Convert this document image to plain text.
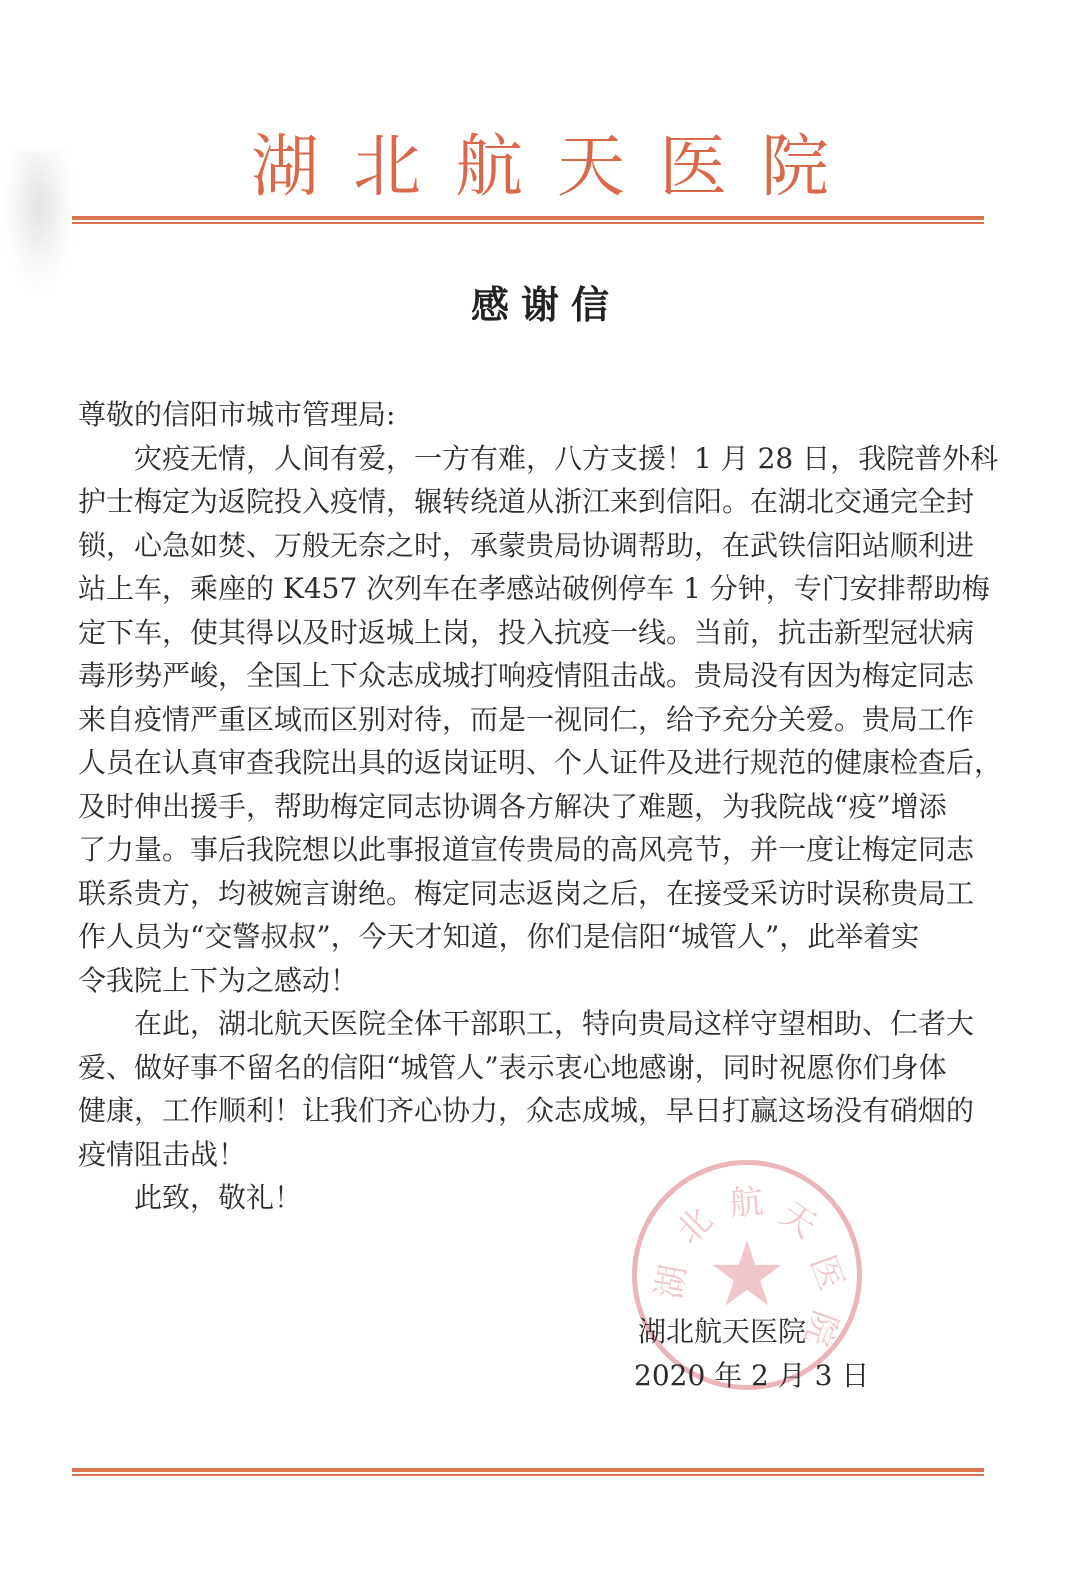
湖北航天医院
感谢信
尊敬的信阳市城市管理局:
灾疫无情，人间有爱，一方有难，八方支援！1 月 28 日，我院普外科
护士梅定为返院投入疫情，辗转绕道从浙江来到信阳。在湖北交通完全封
锁，心急如焚、万般无奈之时，承蒙贵局协调帮助，在武铁信阳站顺利进
站上车，乘座的 K457 次列车在孝感站破例停车 1 分钟，专门安排帮助梅
定下车，使其得以及时返城上岗，投入抗疫一线。当前，抗击新型冠状病
毒形势严峻，全国上下众志成城打响疫情阻击战。贵局没有因为梅定同志
来自疫情严重区域而区别对待，而是一视同仁，给予充分关爱。贵局工作
人员在认真审查我院出具的返岗证明、个人证件及进行规范的健康检查后，
及时伸出援手，帮助梅定同志协调各方解决了难题，为我院战“疫”增添
了力量。事后我院想以此事报道宣传贵局的高风亮节，并一度让梅定同志
联系贵方，均被婉言谢绝。梅定同志返岗之后，在接受采访时误称贵局工
作人员为“交警叔叔”，今天才知道，你们是信阳“城管人”，此举着实
令我院上下为之感动！
在此，湖北航天医院全体干部职工，特向贵局这样守望相助、仁者大
爱、做好事不留名的信阳“城管人”表示衷心地感谢，同时祝愿你们身体
健康，工作顺利！让我们齐心协力，众志成城，早日打赢这场没有硝烟的
疫情阻击战！
此致，敬礼！
湖
北 航 天
医
院
★
湖北航天医院
2020 年 2 月 3 日
